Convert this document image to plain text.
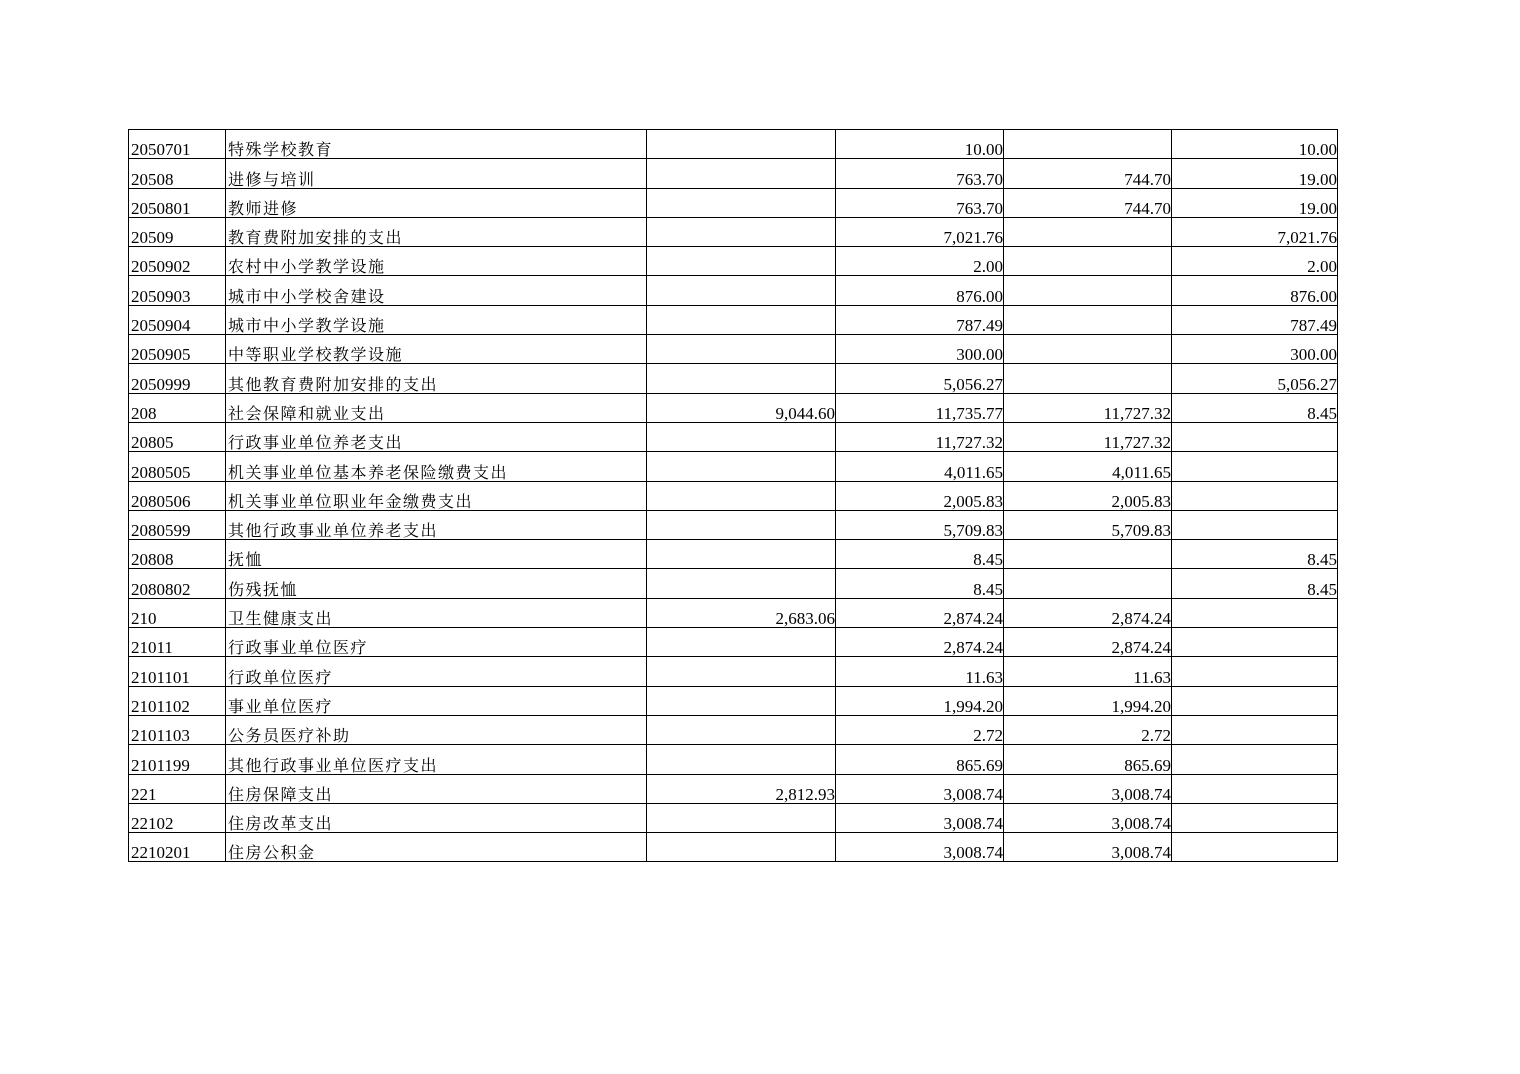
2050701	特殊学校教育		10.00		10.00
20508	进修与培训		763.70	744.70	19.00
2050801	教师进修		763.70	744.70	19.00
20509	教育费附加安排的支出		7,021.76		7,021.76
2050902	农村中小学教学设施		2.00		2.00
2050903	城市中小学校舍建设		876.00		876.00
2050904	城市中小学教学设施		787.49		787.49
2050905	中等职业学校教学设施		300.00		300.00
2050999	其他教育费附加安排的支出		5,056.27		5,056.27
208	社会保障和就业支出	9,044.60	11,735.77	11,727.32	8.45
20805	行政事业单位养老支出		11,727.32	11,727.32	
2080505	机关事业单位基本养老保险缴费支出		4,011.65	4,011.65	
2080506	机关事业单位职业年金缴费支出		2,005.83	2,005.83	
2080599	其他行政事业单位养老支出		5,709.83	5,709.83	
20808	抚恤		8.45		8.45
2080802	伤残抚恤		8.45		8.45
210	卫生健康支出	2,683.06	2,874.24	2,874.24	
21011	行政事业单位医疗		2,874.24	2,874.24	
2101101	行政单位医疗		11.63	11.63	
2101102	事业单位医疗		1,994.20	1,994.20	
2101103	公务员医疗补助		2.72	2.72	
2101199	其他行政事业单位医疗支出		865.69	865.69	
221	住房保障支出	2,812.93	3,008.74	3,008.74	
22102	住房改革支出		3,008.74	3,008.74	
2210201	住房公积金		3,008.74	3,008.74	
